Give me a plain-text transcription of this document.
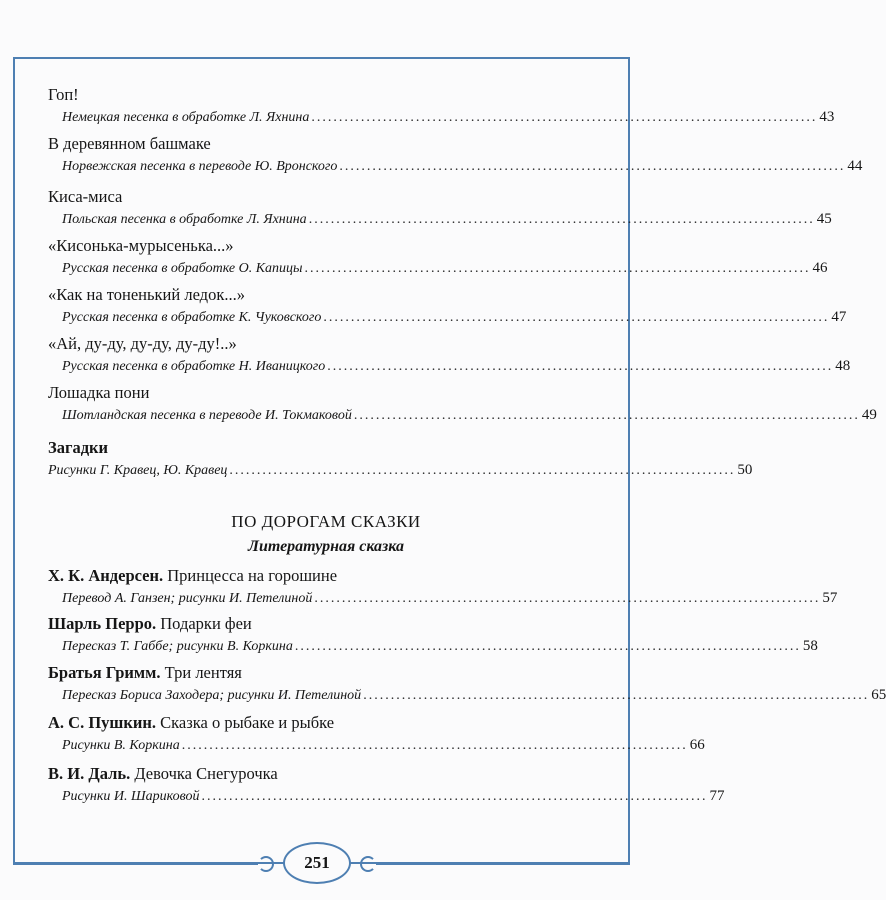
Гоп!
Немецкая песенка в обработке Л. Яхнина ............................................................................................ 43
В деревянном башмаке
Норвежская песенка в переводе Ю. Вронского ............................................................................................ 44
Киса-миса
Польская песенка в обработке Л. Яхнина ............................................................................................ 45
«Кисонька-мурысенька...»
Русская песенка в обработке О. Капицы ............................................................................................ 46
«Как на тоненький ледок...»
Русская песенка в обработке К. Чуковского ............................................................................................ 47
«Ай, ду-ду, ду-ду, ду-ду!..»
Русская песенка в обработке Н. Иваницкого ............................................................................................ 48
Лошадка пони
Шотландская песенка в переводе И. Токмаковой ............................................................................................ 49
Загадки
Рисунки Г. Кравец, Ю. Кравец ............................................................................................ 50
ПО ДОРОГАМ СКАЗКИ
Литературная сказка
Х. К. Андерсен. Принцесса на горошине
Перевод А. Ганзен; рисунки И. Петелиной ............................................................................................ 57
Шарль Перро. Подарки феи
Пересказ Т. Габбе; рисунки В. Коркина ............................................................................................ 58
Братья Гримм. Три лентяя
Пересказ Бориса Заходера; рисунки И. Петелиной ............................................................................................ 65
А. С. Пушкин. Сказка о рыбаке и рыбке
Рисунки В. Коркина ............................................................................................ 66
В. И. Даль. Девочка Снегурочка
Рисунки И. Шариковой ............................................................................................ 77
251
